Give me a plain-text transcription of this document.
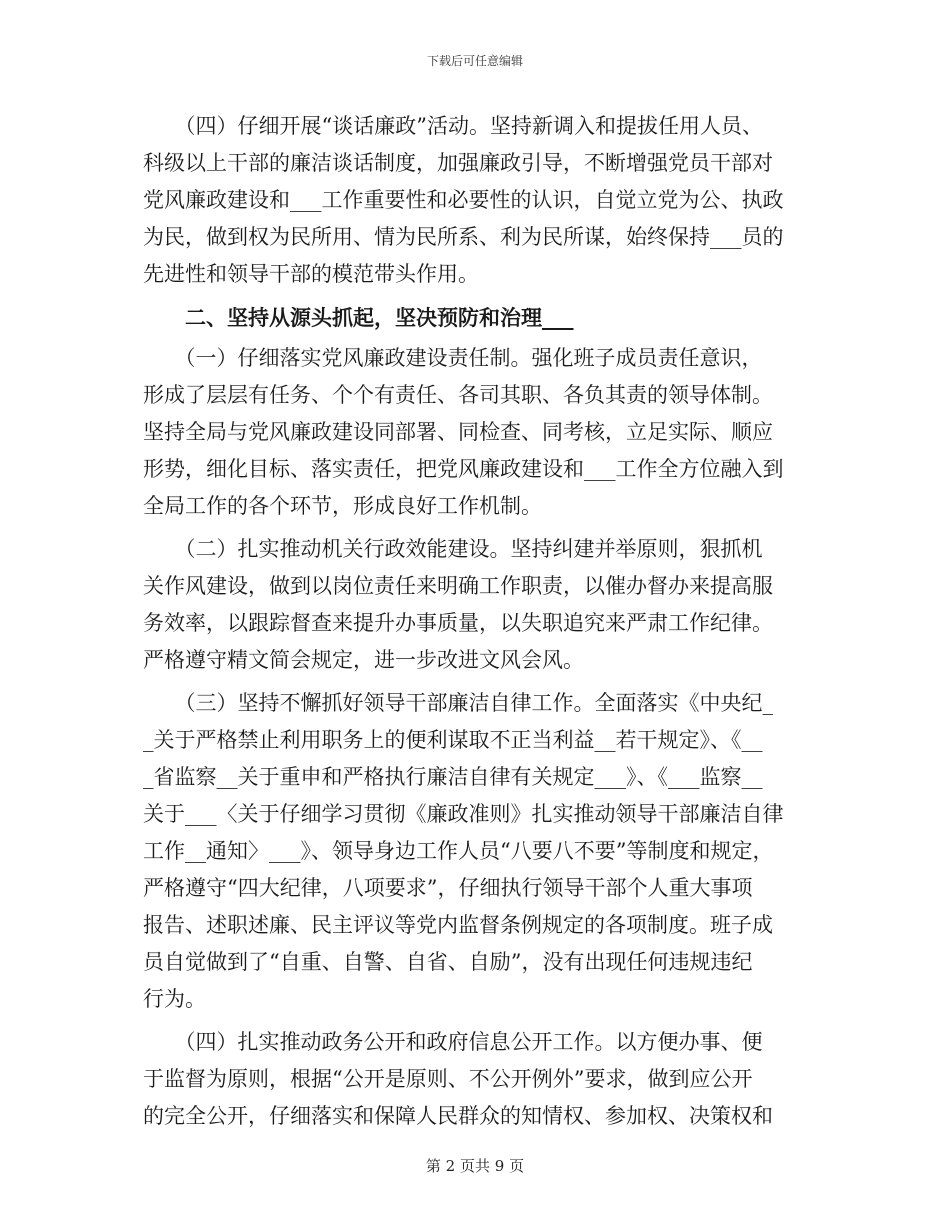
下载后可任意编辑

　　（四）仔细开展“谈话廉政”活动。坚持新调入和提拔任用人员、
科级以上干部的廉洁谈话制度，加强廉政引导，不断增强党员干部对
党风廉政建设和___工作重要性和必要性的认识，自觉立党为公、执政
为民，做到权为民所用、情为民所系、利为民所谋，始终保持___员的
先进性和领导干部的模范带头作用。

　　二、坚持从源头抓起，坚决预防和治理___

　　（一）仔细落实党风廉政建设责任制。强化班子成员责任意识，
形成了层层有任务、个个有责任、各司其职、各负其责的领导体制。
坚持全局与党风廉政建设同部署、同检查、同考核，立足实际、顺应
形势，细化目标、落实责任，把党风廉政建设和___工作全方位融入到
全局工作的各个环节，形成良好工作机制。

　　（二）扎实推动机关行政效能建设。坚持纠建并举原则，狠抓机
关作风建设，做到以岗位责任来明确工作职责，以催办督办来提高服
务效率，以跟踪督查来提升办事质量，以失职追究来严肃工作纪律。
严格遵守精文简会规定，进一步改进文风会风。

　　（三）坚持不懈抓好领导干部廉洁自律工作。全面落实《中央纪_
_关于严格禁止利用职务上的便利谋取不正当利益__若干规定》、《__
_省监察__关于重申和严格执行廉洁自律有关规定___》、《___监察__
关于___〈关于仔细学习贯彻《廉政准则》扎实推动领导干部廉洁自律
工作__通知〉___》、领导身边工作人员“八要八不要”等制度和规定，
严格遵守“四大纪律，八项要求”，仔细执行领导干部个人重大事项
报告、述职述廉、民主评议等党内监督条例规定的各项制度。班子成
员自觉做到了“自重、自警、自省、自励”，没有出现任何违规违纪
行为。

　　（四）扎实推动政务公开和政府信息公开工作。以方便办事、便
于监督为原则，根据“公开是原则、不公开例外”要求，做到应公开
的完全公开，仔细落实和保障人民群众的知情权、参加权、决策权和

第 2 页共 9 页
